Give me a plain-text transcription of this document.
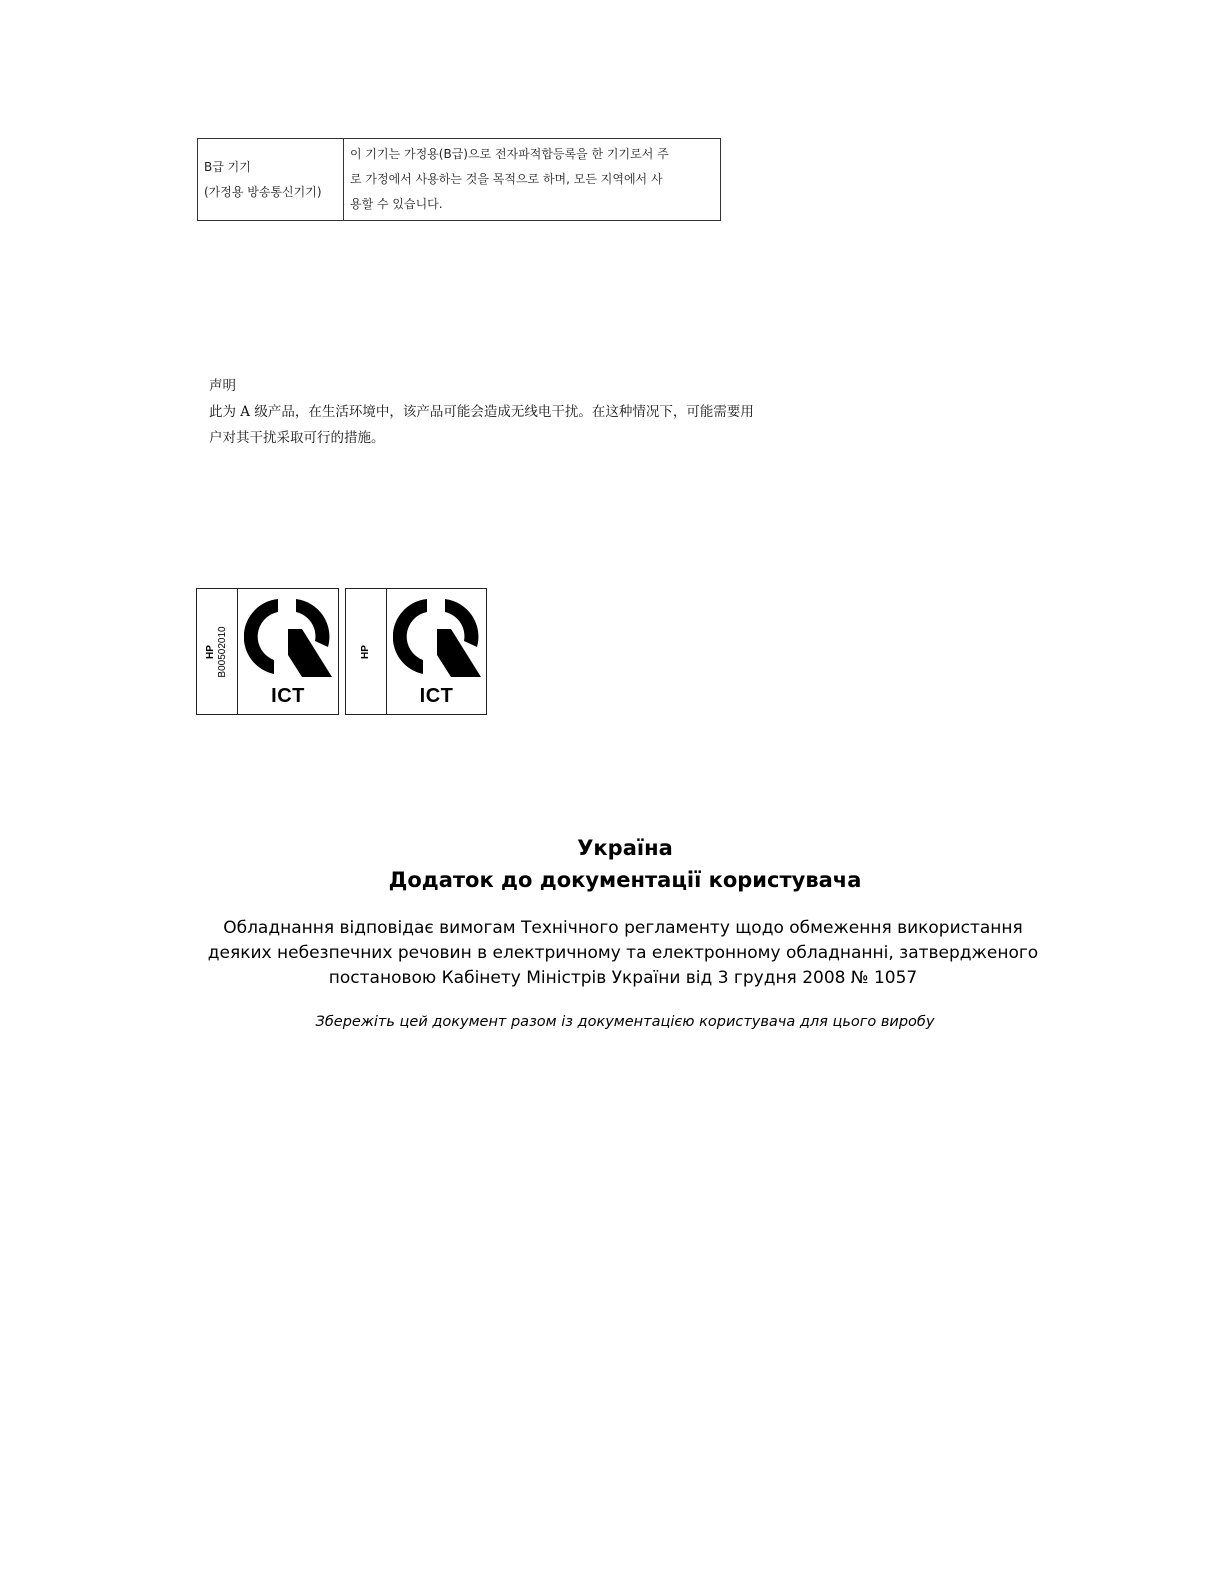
B급 기기
(가정용 방송통신기기)

이 기기는 가정용(B급)으로 전자파적합등록을 한 기기로서 주
로 가정에서 사용하는 것을 목적으로 하며, 모든 지역에서 사
용할 수 있습니다.
声明
此为 A 级产品，在生活环境中，该产品可能会造成无线电干扰。在这种情况下，可能需要用
户对其干扰采取可行的措施。
HP B00502010
ICT
HP
ICT
Україна
Додаток до документації користувача
Обладнання відповідає вимогам Технічного регламенту щодо обмеження використання
деяких небезпечних речовин в електричному та електронному обладнанні, затвердженого
постановою Кабінету Міністрів України від 3 грудня 2008 № 1057
Збережіть цей документ разом із документацією користувача для цього виробу
